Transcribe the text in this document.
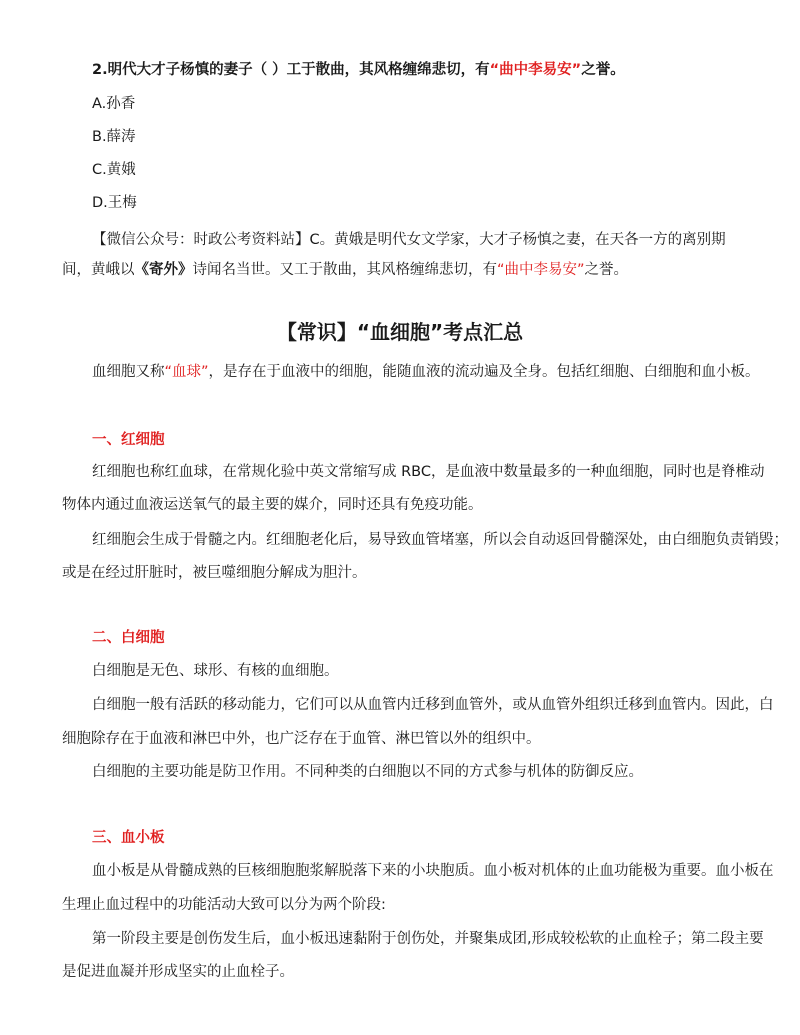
2.明代大才子杨慎的妻子（ ）工于散曲，其风格缠绵悲切，有“曲中李易安”之誉。
A.孙香
B.薛涛
C.黄娥
D.王梅
【微信公众号：时政公考资料站】C。黄娥是明代女文学家，大才子杨慎之妻，在天各一方的离别期
间，黄峨以《寄外》诗闻名当世。又工于散曲，其风格缠绵悲切，有“曲中李易安”之誉。
【常识】“血细胞”考点汇总
血细胞又称“血球”，是存在于血液中的细胞，能随血液的流动遍及全身。包括红细胞、白细胞和血小板。
一、红细胞
红细胞也称红血球，在常规化验中英文常缩写成 RBC，是血液中数量最多的一种血细胞，同时也是脊椎动
物体内通过血液运送氧气的最主要的媒介，同时还具有免疫功能。
红细胞会生成于骨髓之内。红细胞老化后，易导致血管堵塞，所以会自动返回骨髓深处，由白细胞负责销毁；
或是在经过肝脏时，被巨噬细胞分解成为胆汁。
二、白细胞
白细胞是无色、球形、有核的血细胞。
白细胞一般有活跃的移动能力，它们可以从血管内迁移到血管外，或从血管外组织迁移到血管内。因此，白
细胞除存在于血液和淋巴中外，也广泛存在于血管、淋巴管以外的组织中。
白细胞的主要功能是防卫作用。不同种类的白细胞以不同的方式参与机体的防御反应。
三、血小板
血小板是从骨髓成熟的巨核细胞胞浆解脱落下来的小块胞质。血小板对机体的止血功能极为重要。血小板在
生理止血过程中的功能活动大致可以分为两个阶段:
第一阶段主要是创伤发生后，血小板迅速黏附于创伤处，并聚集成团,形成较松软的止血栓子；第二段主要
是促进血凝并形成坚实的止血栓子。
